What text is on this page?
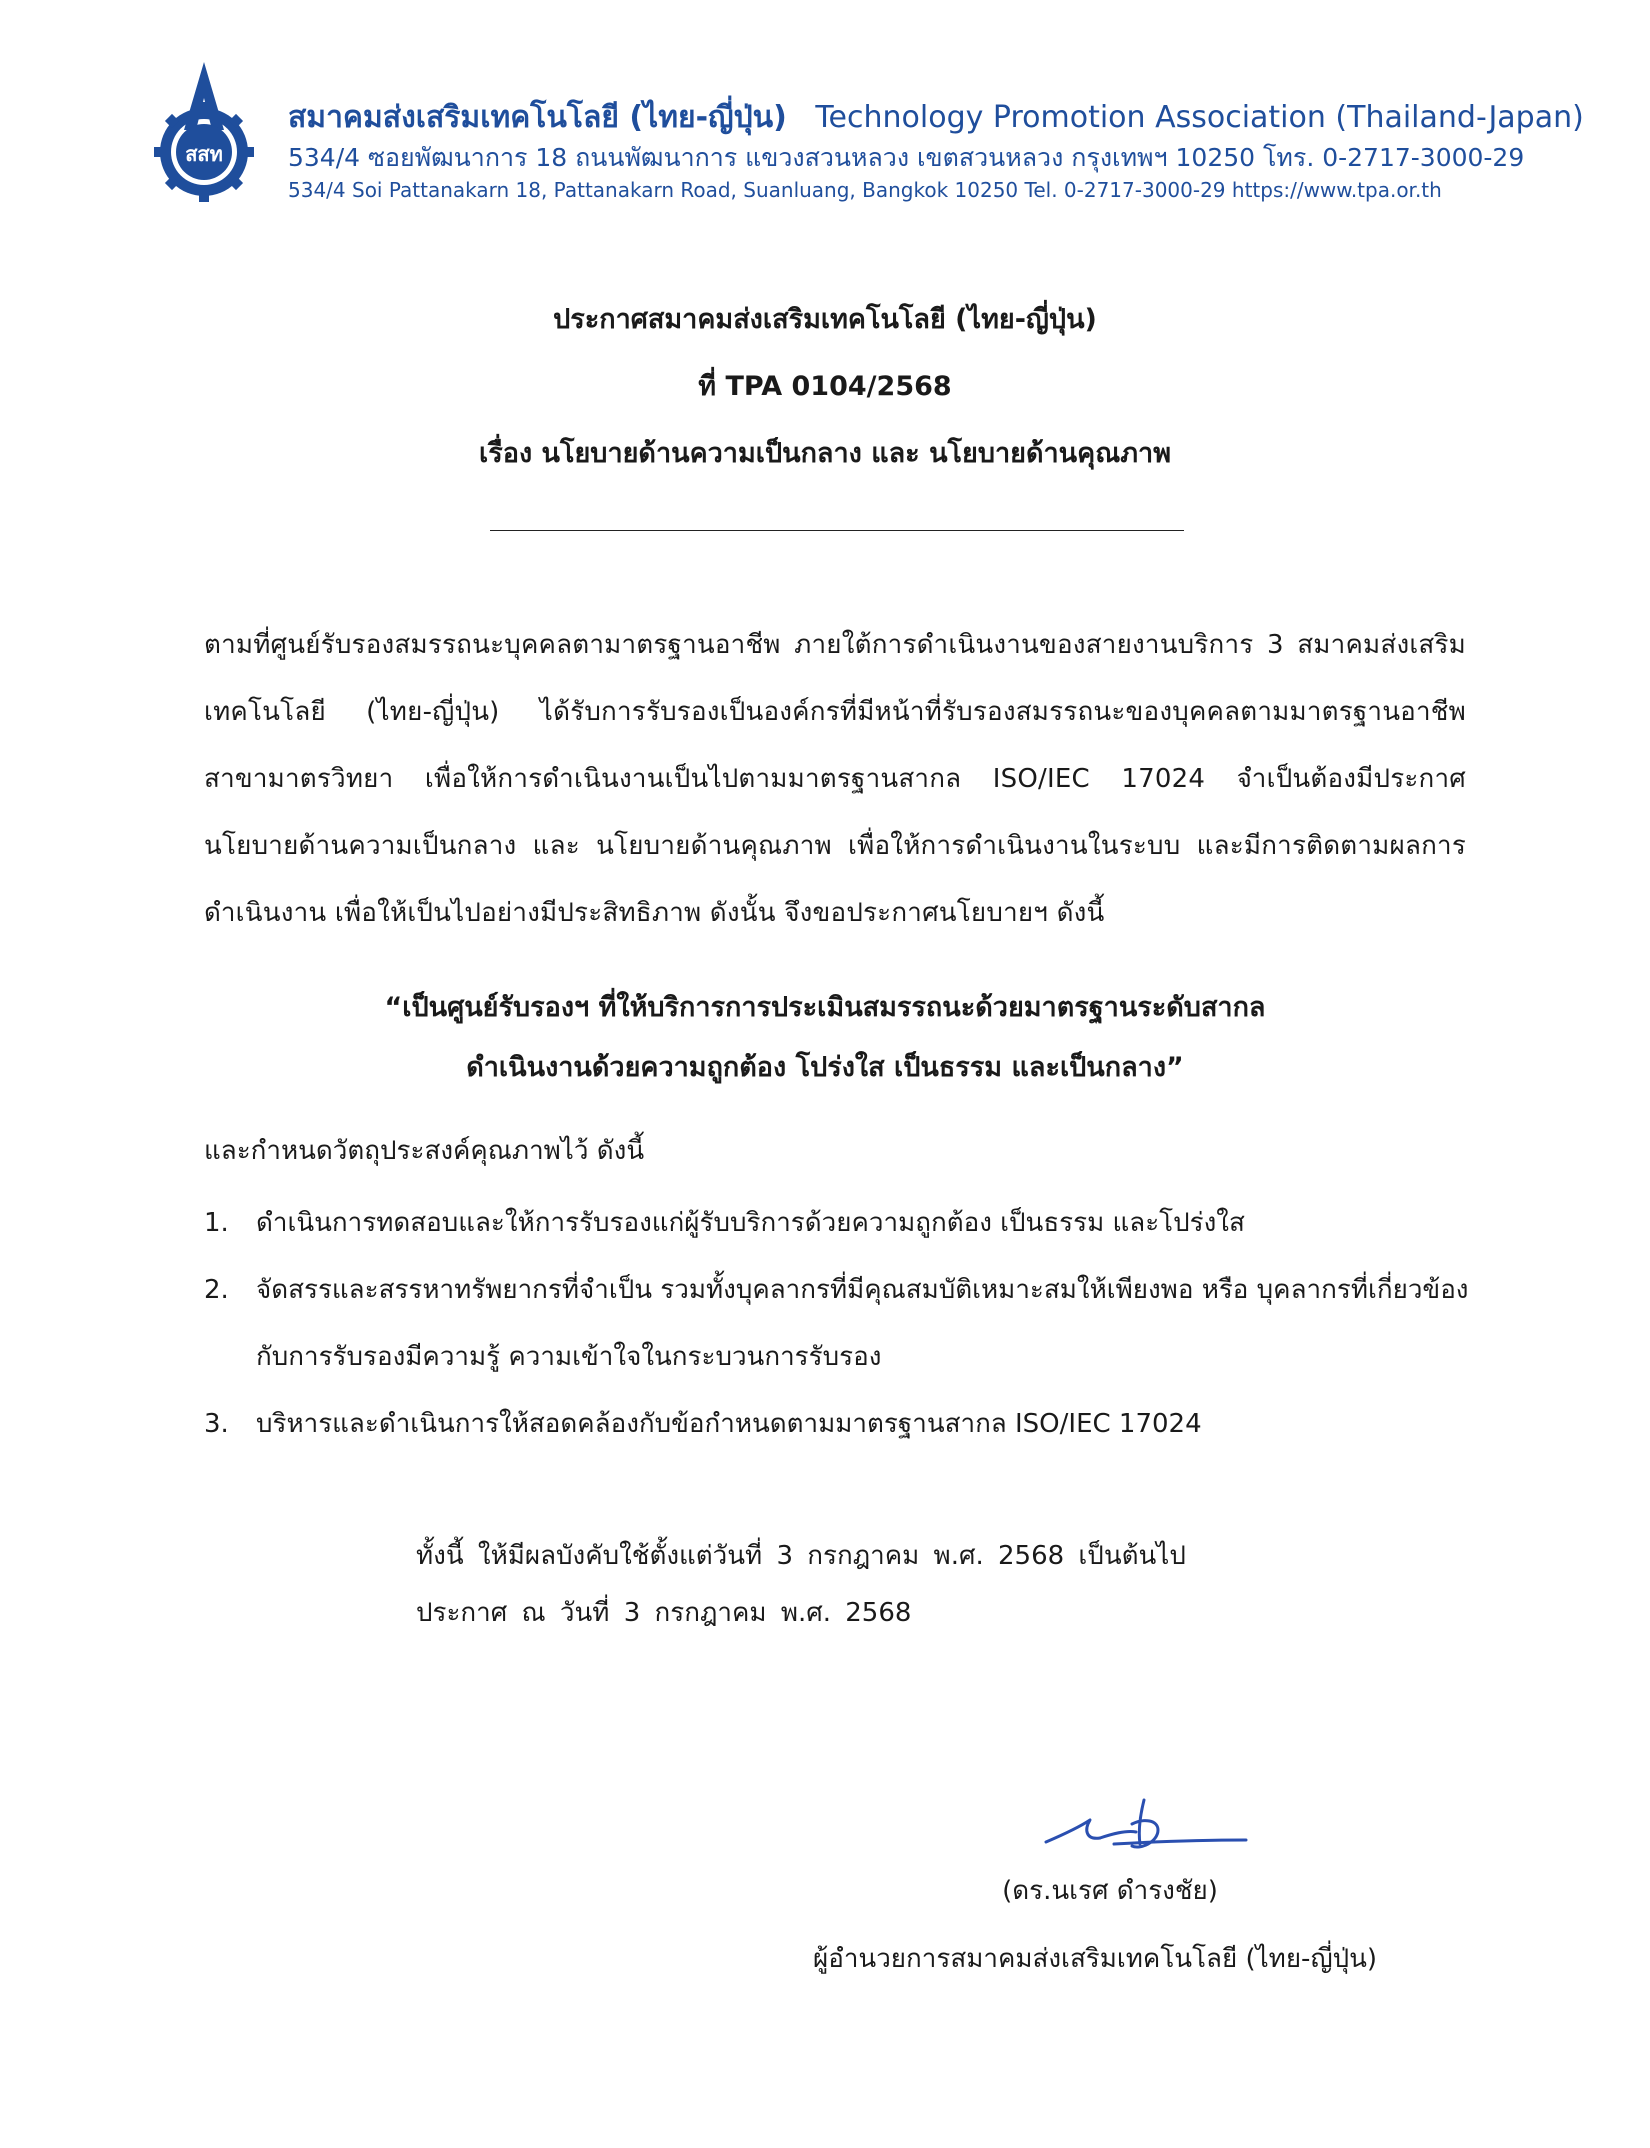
สสท
สมาคมส่งเสริมเทคโนโลยี (ไทย-ญี่ปุ่น) Technology Promotion Association (Thailand-Japan)
534/4 ซอยพัฒนาการ 18 ถนนพัฒนาการ แขวงสวนหลวง เขตสวนหลวง กรุงเทพฯ 10250 โทร. 0-2717-3000-29
534/4 Soi Pattanakarn 18, Pattanakarn Road, Suanluang, Bangkok 10250 Tel. 0-2717-3000-29 https://www.tpa.or.th
ประกาศสมาคมส่งเสริมเทคโนโลยี (ไทย-ญี่ปุ่น)
ที่ TPA 0104/2568
เรื่อง นโยบายด้านความเป็นกลาง และ นโยบายด้านคุณภาพ
ตามที่ศูนย์รับรองสมรรถนะบุคคลตามาตรฐานอาชีพ ภายใต้การดำเนินงานของสายงานบริการ 3 สมาคมส่งเสริมเทคโนโลยี (ไทย-ญี่ปุ่น) ได้รับการรับรองเป็นองค์กรที่มีหน้าที่รับรองสมรรถนะของบุคคลตามมาตรฐานอาชีพ สาขามาตรวิทยา เพื่อให้การดำเนินงานเป็นไปตามมาตรฐานสากล ISO/IEC 17024 จำเป็นต้องมีประกาศนโยบายด้านความเป็นกลาง และ นโยบายด้านคุณภาพ เพื่อให้การดำเนินงานในระบบ และมีการติดตามผลการดำเนินงาน เพื่อให้เป็นไปอย่างมีประสิทธิภาพ ดังนั้น จึงขอประกาศนโยบายฯ ดังนี้
“เป็นศูนย์รับรองฯ ที่ให้บริการการประเมินสมรรถนะด้วยมาตรฐานระดับสากล
ดำเนินงานด้วยความถูกต้อง โปร่งใส เป็นธรรม และเป็นกลาง”
และกำหนดวัตถุประสงค์คุณภาพไว้ ดังนี้
1. ดำเนินการทดสอบและให้การรับรองแก่ผู้รับบริการด้วยความถูกต้อง เป็นธรรม และโปร่งใส
2. จัดสรรและสรรหาทรัพยากรที่จำเป็น รวมทั้งบุคลากรที่มีคุณสมบัติเหมาะสมให้เพียงพอ หรือ บุคลากรที่เกี่ยวข้องกับการรับรองมีความรู้ ความเข้าใจในกระบวนการรับรอง
3. บริหารและดำเนินการให้สอดคล้องกับข้อกำหนดตามมาตรฐานสากล ISO/IEC 17024
ทั้งนี้ ให้มีผลบังคับใช้ตั้งแต่วันที่ 3 กรกฎาคม พ.ศ. 2568 เป็นต้นไป
ประกาศ ณ วันที่ 3 กรกฎาคม พ.ศ. 2568
(ดร.นเรศ ดำรงชัย)
ผู้อำนวยการสมาคมส่งเสริมเทคโนโลยี (ไทย-ญี่ปุ่น)
